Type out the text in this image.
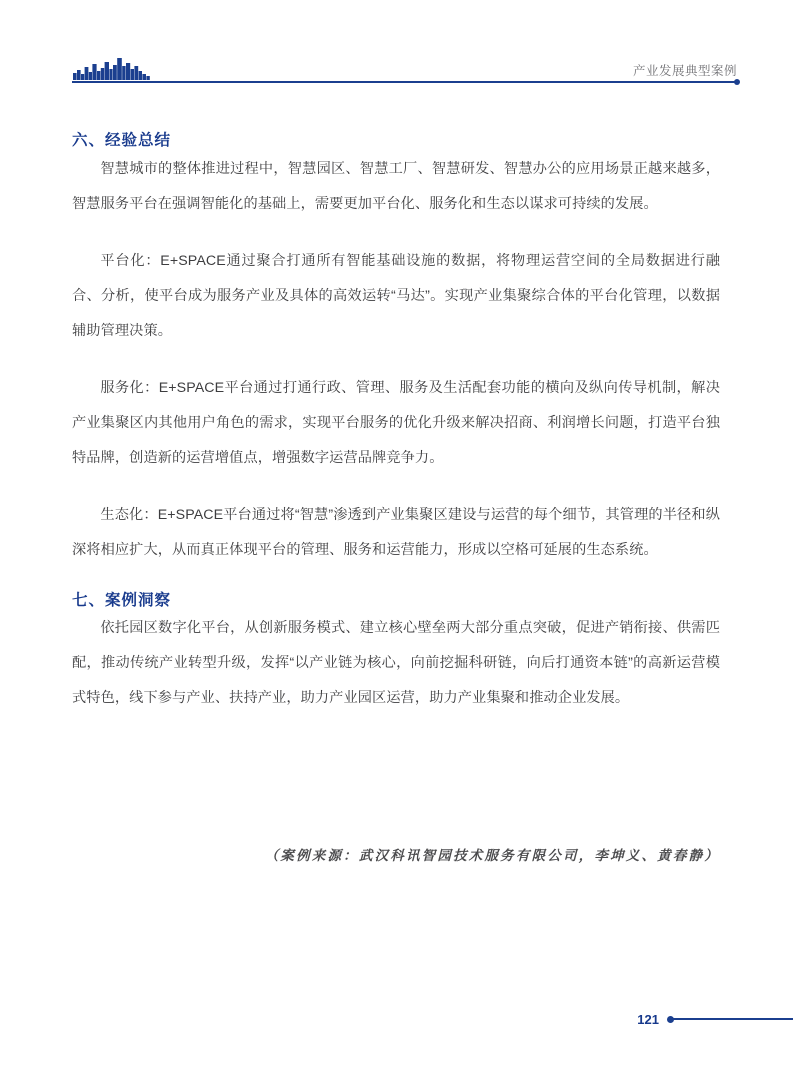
产业发展典型案例
六、经验总结

智慧城市的整体推进过程中，智慧园区、智慧工厂、智慧研发、智慧办公的应用场景正越来越多，智慧服务平台在强调智能化的基础上，需要更加平台化、服务化和生态以谋求可持续的发展。

平台化：E+SPACE通过聚合打通所有智能基础设施的数据，将物理运营空间的全局数据进行融合、分析，使平台成为服务产业及具体的高效运转“马达”。实现产业集聚综合体的平台化管理，以数据辅助管理决策。

服务化：E+SPACE平台通过打通行政、管理、服务及生活配套功能的横向及纵向传导机制，解决产业集聚区内其他用户角色的需求，实现平台服务的优化升级来解决招商、利润增长问题，打造平台独特品牌，创造新的运营增值点，增强数字运营品牌竞争力。

生态化：E+SPACE平台通过将“智慧”渗透到产业集聚区建设与运营的每个细节，其管理的半径和纵深将相应扩大，从而真正体现平台的管理、服务和运营能力，形成以空格可延展的生态系统。

七、案例洞察

依托园区数字化平台，从创新服务模式、建立核心壁垒两大部分重点突破，促进产销衔接、供需匹配，推动传统产业转型升级，发挥“以产业链为核心，向前挖掘科研链，向后打通资本链”的高新运营模式特色，线下参与产业、扶持产业，助力产业园区运营，助力产业集聚和推动企业发展。

（案例来源：武汉科讯智园技术服务有限公司，李坤义、黄春静）
121
